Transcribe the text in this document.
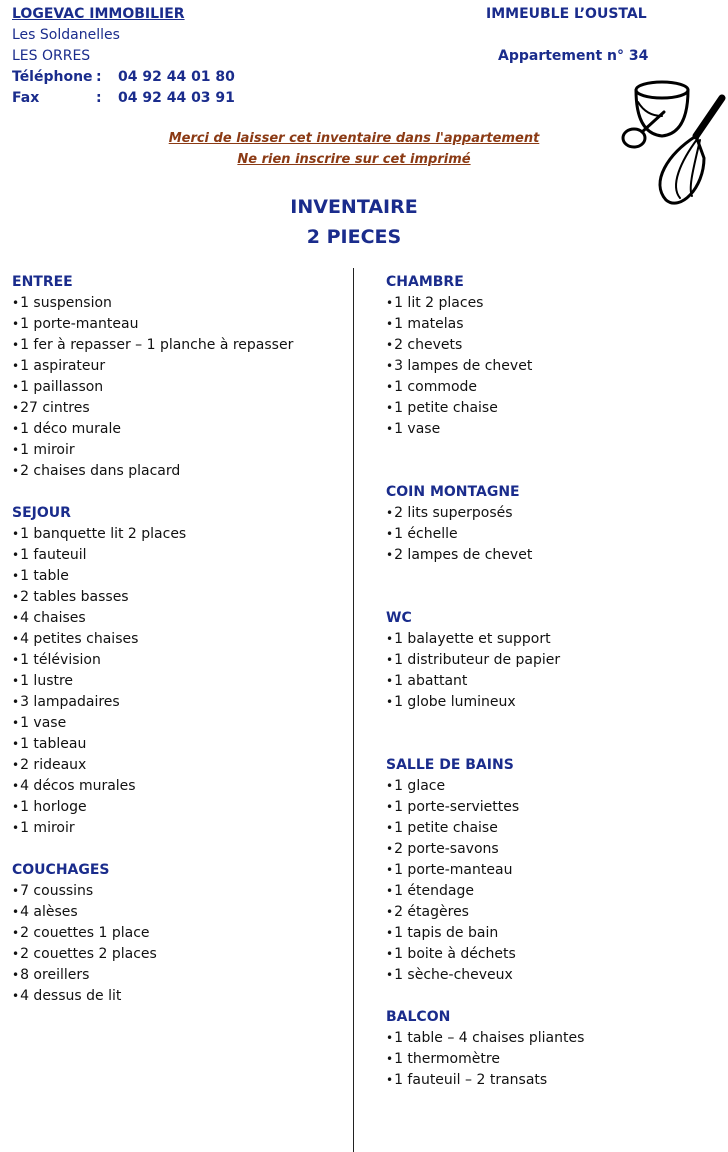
LOGEVAC IMMOBILIER
Les Soldanelles
LES ORRES
Téléphone : 04 92 44 01 80
Fax	: 04 92 44 03 91
IMMEUBLE L’OUSTAL
Appartement n° 34
Merci de laisser cet inventaire dans l'appartement
Ne rien inscrire sur cet imprimé
INVENTAIRE
2 PIECES
ENTREE
• 1 suspension
• 1 porte-manteau
• 1 fer à repasser – 1 planche à repasser
• 1 aspirateur
• 1 paillasson
• 27 cintres
• 1 déco murale
• 1 miroir
• 2 chaises dans placard
SEJOUR
• 1 banquette lit 2 places
• 1 fauteuil
• 1 table
• 2 tables basses
• 4 chaises
• 4 petites chaises
• 1 télévision
• 1 lustre
• 3 lampadaires
• 1 vase
• 1 tableau
• 2 rideaux
• 4 décos murales
• 1 horloge
• 1 miroir
COUCHAGES
• 7 coussins
• 4 alèses
• 2 couettes 1 place
• 2 couettes 2 places
• 8 oreillers
• 4 dessus de lit
CHAMBRE
• 1 lit 2 places
• 1 matelas
• 2 chevets
• 3 lampes de chevet
• 1 commode
• 1 petite chaise
• 1 vase
COIN MONTAGNE
• 2 lits superposés
• 1 échelle
• 2 lampes de chevet
WC
• 1 balayette et support
• 1 distributeur de papier
• 1 abattant
• 1 globe lumineux
SALLE DE BAINS
• 1 glace
• 1 porte-serviettes
• 1 petite chaise
• 2 porte-savons
• 1 porte-manteau
• 1 étendage
• 2 étagères
• 1 tapis de bain
• 1 boite à déchets
• 1 sèche-cheveux
BALCON
• 1 table – 4 chaises pliantes
• 1 thermomètre
• 1 fauteuil – 2 transats
